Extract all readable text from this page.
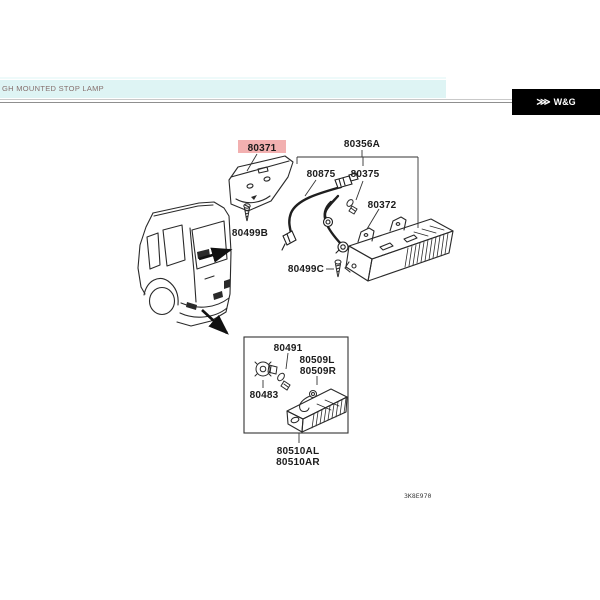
GH MOUNTED STOP LAMP
⋙ W&G
80371	80356A
80875 80375
80372
80499B
80499C
80491
80509L
80509R
80483
80510AL
80510AR
3K8E970
